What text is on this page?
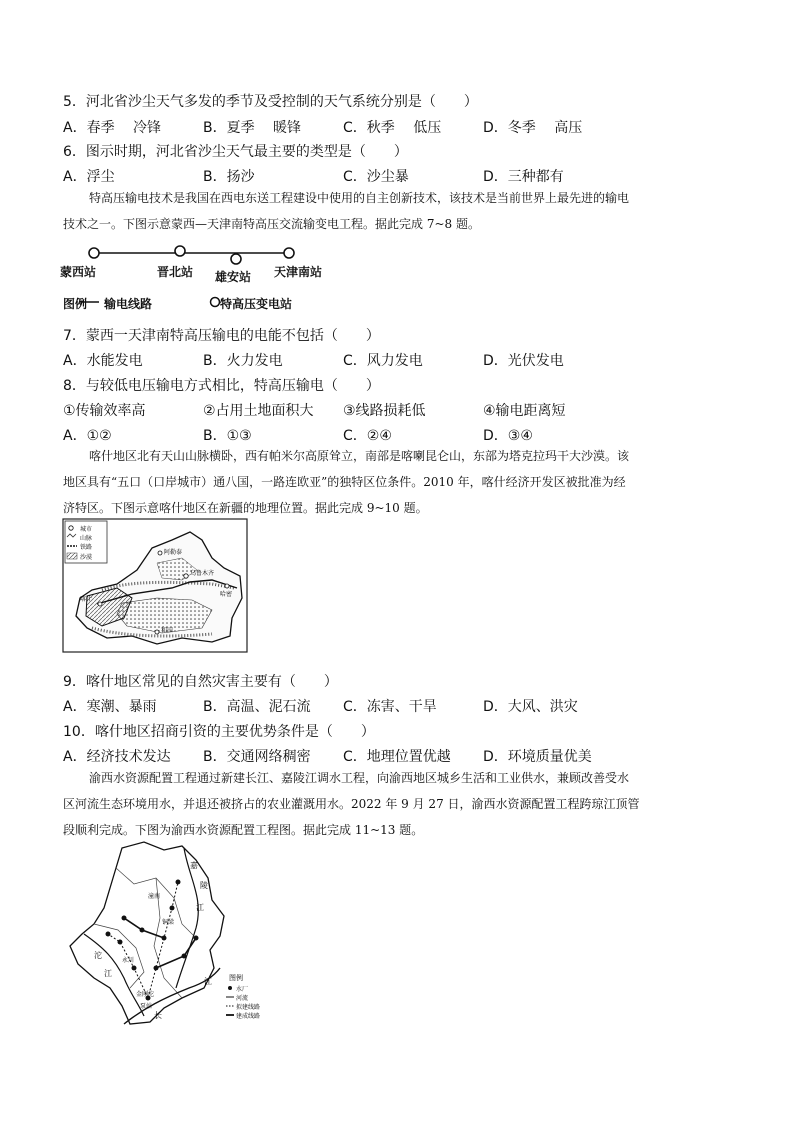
5．河北省沙尘天气多发的季节及受控制的天气系统分别是（　　）
A．春季　 冷锋	B．夏季　 暖锋	C．秋季　 低压	D．冬季　 高压
6．图示时期，河北省沙尘天气最主要的类型是（　　）
A．浮尘	B．扬沙	C．沙尘暴	D．三种都有
特高压输电技术是我国在西电东送工程建设中使用的自主创新技术，该技术是当前世界上最先进的输电
技术之一。下图示意蒙西—天津南特高压交流输变电工程。据此完成 7~8 题。
蒙西站	晋北站 雄安站 天津南站
图例 输电线路	特高压变电站
7．蒙西一天津南特高压输电的电能不包括（　　）
A．水能发电	B．火力发电	C．风力发电	D．光伏发电
8．与较低电压输电方式相比，特高压输电（　　）
①传输效率高	②占用土地面积大 ③线路损耗低	④输电距离短
A．①②	B．①③	C．②④	D．③④
喀什地区北有天山山脉横卧，西有帕米尔高原耸立，南部是喀喇昆仑山，东部为塔克拉玛干大沙漠。该
地区具有“五口（口岸城市）通八国，一路连欧亚”的独特区位条件。2010 年，喀什经济开发区被批准为经
济特区。下图示意喀什地区在新疆的地理位置。据此完成 9~10 题。
城市
山脉
铁路
沙漠
阿勒泰
乌鲁木齐
哈密
喀什
和田
9．喀什地区常见的自然灾害主要有（　　）
A．寒潮、暴雨	B．高温、泥石流 C．冻害、干旱	D．大风、洪灾
10．喀什地区招商引资的主要优势条件是（　　）
A．经济技术发达 B．交通网络稠密 C．地理位置优越 D．环境质量优美
渝西水资源配置工程通过新建长江、嘉陵江调水工程，向渝西地区城乡生活和工业供水，兼顾改善受水
区河流生态环境用水，并退还被挤占的农业灌溉用水。2022 年 9 月 27 日，渝西水资源配置工程跨琼江顶管
段顺利完成。下图为渝西水资源配置工程图。据此完成 11~13 题。
嘉
陵
江
沱
江
长
江
金刚沱
泵站
潼南
铜梁
永川
图例
水厂
河流
拟建线路
建成线路
